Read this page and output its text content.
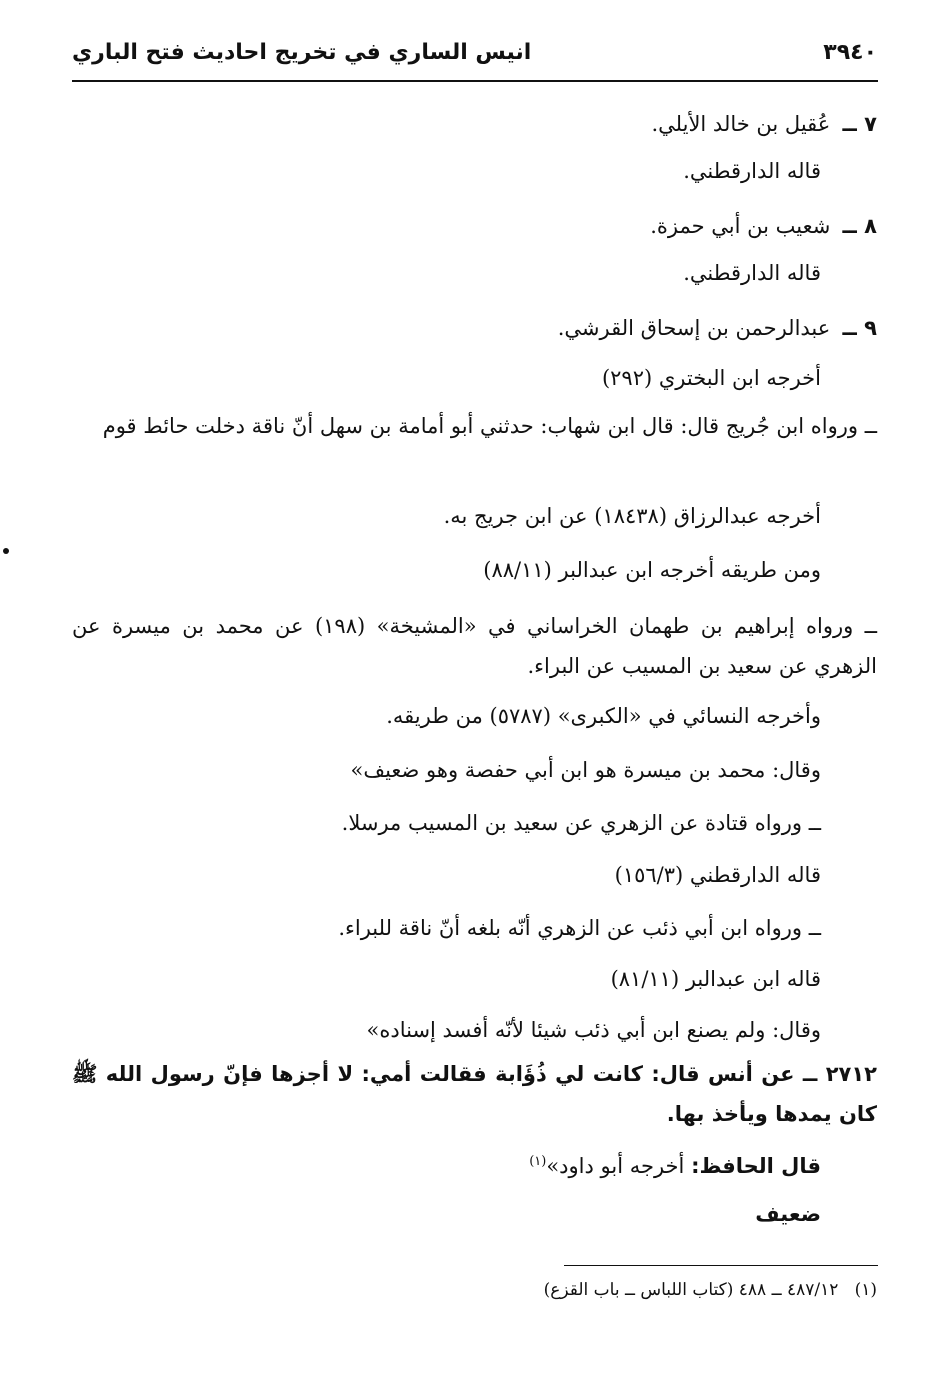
٣٩٤٠
انيس الساري في تخريج احاديث فتح الباري
٧ ــ عُقيل بن خالد الأيلي.
قاله الدارقطني.
٨ ــ شعيب بن أبي حمزة.
قاله الدارقطني.
٩ ــ عبدالرحمن بن إسحاق القرشي.
أخرجه ابن البختري (٢٩٢)
ــ ورواه ابن جُريج قال: قال ابن شهاب: حدثني أبو أمامة بن سهل أنّ ناقة دخلت حائط قوم
أخرجه عبدالرزاق (١٨٤٣٨) عن ابن جريج به.
ومن طريقه أخرجه ابن عبدالبر (٨٨/١١)
ــ ورواه إبراهيم بن طهمان الخراساني في «المشيخة» (١٩٨) عن محمد بن ميسرة عن الزهري عن سعيد بن المسيب عن البراء.
وأخرجه النسائي في «الكبرى» (٥٧٨٧) من طريقه.
وقال: محمد بن ميسرة هو ابن أبي حفصة وهو ضعيف»
ــ ورواه قتادة عن الزهري عن سعيد بن المسيب مرسلا.
قاله الدارقطني (١٥٦/٣)
ــ ورواه ابن أبي ذئب عن الزهري أنّه بلغه أنّ ناقة للبراء.
قاله ابن عبدالبر (٨١/١١)
وقال: ولم يصنع ابن أبي ذئب شيئا لأنّه أفسد إسناده»
٢٧١٢ ــ عن أنس قال: كانت لي ذُؤَابة فقالت أمي: لا أجزها فإنّ رسول الله ﷺ كان يمدها ويأخذ بها.
قال الحافظ: أخرجه أبو داود»$^{(١)}$
ضعيف
(١)   ٤٨٧/١٢ ــ ٤٨٨ (كتاب اللباس ــ باب القزع)
